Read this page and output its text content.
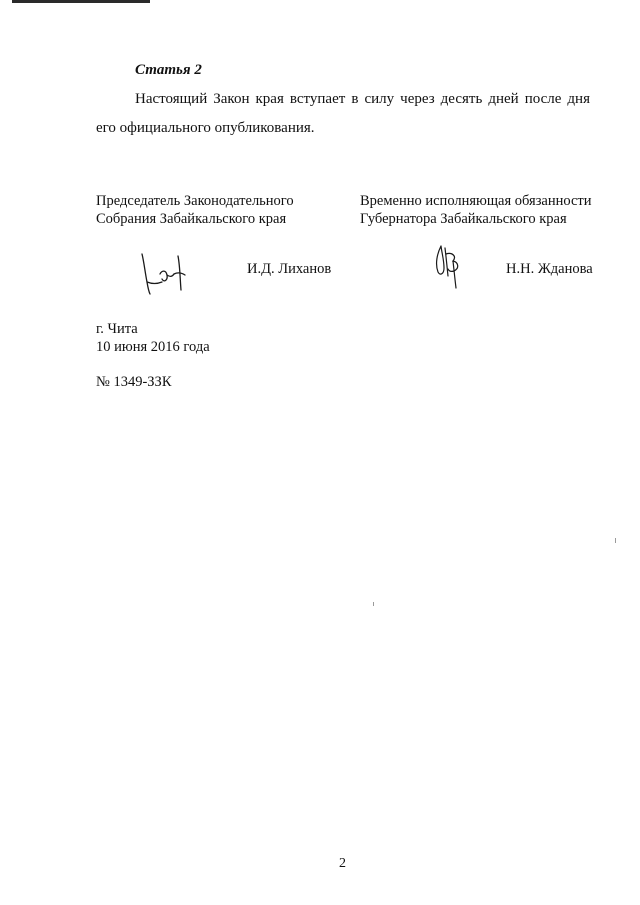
Статья 2

Настоящий Закон края вступает в силу через десять дней после дня его официального опубликования.

Председатель Законодательного
Собрания Забайкальского края
Временно исполняющая обязанности
Губернатора Забайкальского края
И.Д. Лиханов	Н.Н. Жданова
г. Чита
10 июня 2016 года
№ 1349-ЗЗК
2
